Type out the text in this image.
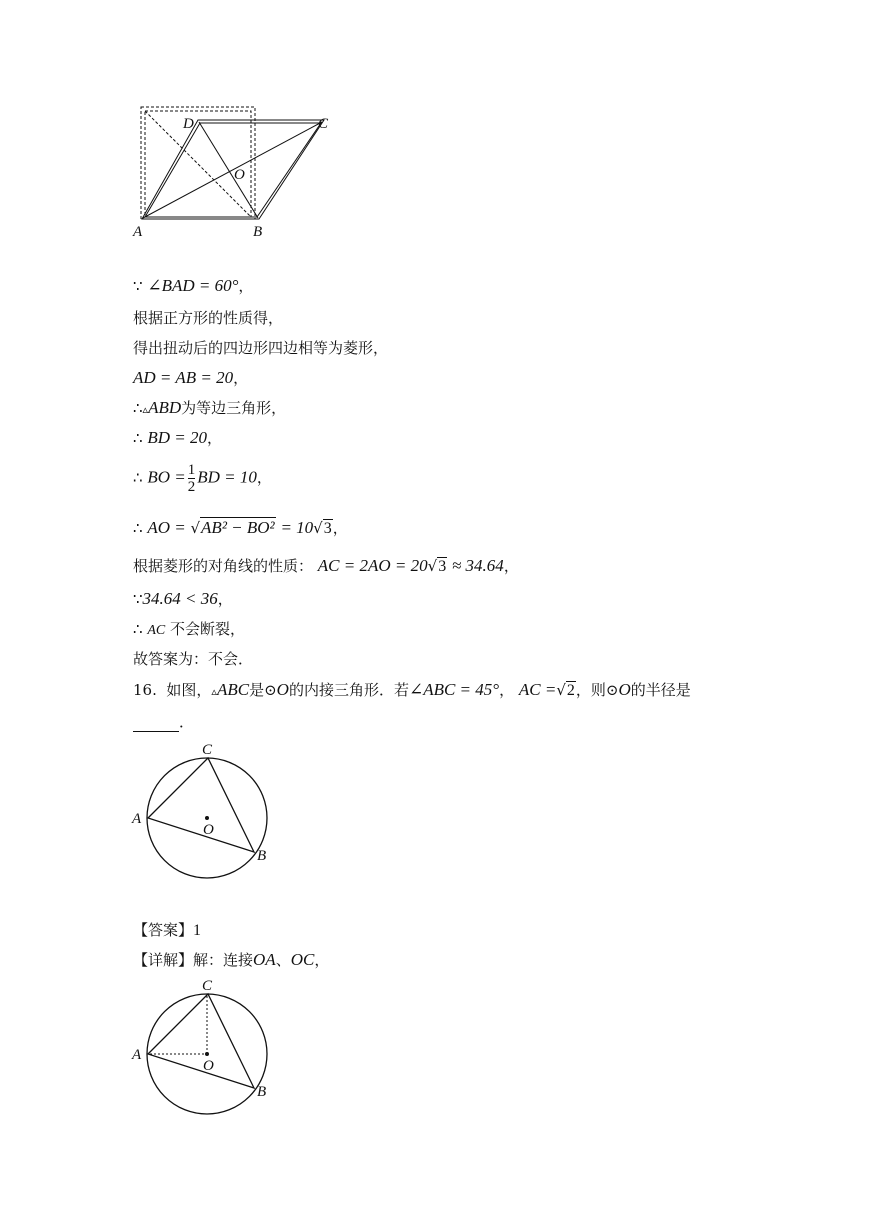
D	C
O
A	B
∵ ∠BAD = 60°，
根据正方形的性质得，
得出扭动后的四边形四边相等为菱形，
AD = AB = 20，
∴▵ABD为等边三角形，
∴ BD = 20，
∴ BO = $\frac{1}{2}$ BD = 10，
∴ AO = √AB² − BO² = 10√3，
根据菱形的对角线的性质： AC = 2AO = 20√3 ≈ 34.64，
∵34.64 < 36，
∴ AC 不会断裂，
故答案为：不会．
16. 如图，▵ABC是⊙O的内接三角形．若∠ABC = 45°， AC =√2，则⊙O的半径是
．
C
A
O
B
【答案】1
【详解】解：连接OA、OC，
C
A
O
B
